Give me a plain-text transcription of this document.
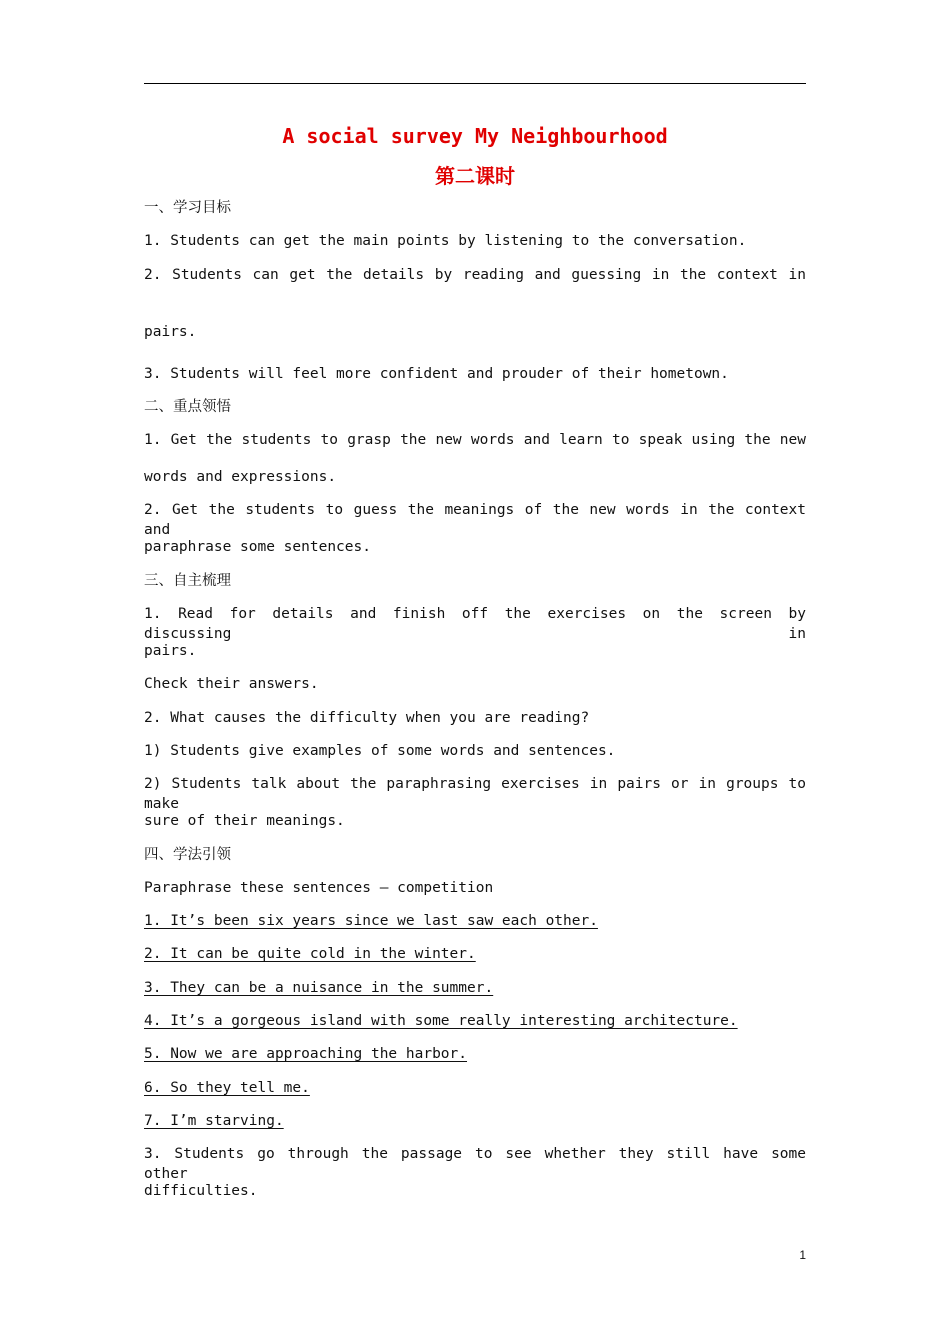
A social survey My Neighbourhood
第二课时
一、学习目标
1. Students can get the main points by listening to the conversation.
2. Students can get the details by reading and guessing in the context in
pairs.
3. Students will feel more confident and prouder of their hometown.
二、重点领悟
1. Get the students to grasp the new words and learn to speak using the new
words and expressions.
2. Get the students to guess the meanings of the new words in the context and
paraphrase some sentences.
三、自主梳理
1. Read for details and finish off the exercises on the screen by discussing in
pairs.
Check their answers.
2. What causes the difficulty when you are reading?
1) Students give examples of some words and sentences.
2) Students talk about the paraphrasing exercises in pairs or in groups to make
sure of their meanings.
四、学法引领
Paraphrase these sentences — competition
1. It’s been six years since we last saw each other.
2. It can be quite cold in the winter.
3. They can be a nuisance in the summer.
4. It’s a gorgeous island with some really interesting architecture.
5. Now we are approaching the harbor.
6. So they tell me.
7. I’m starving.
3. Students go through the passage to see whether they still have some other
difficulties.
1
